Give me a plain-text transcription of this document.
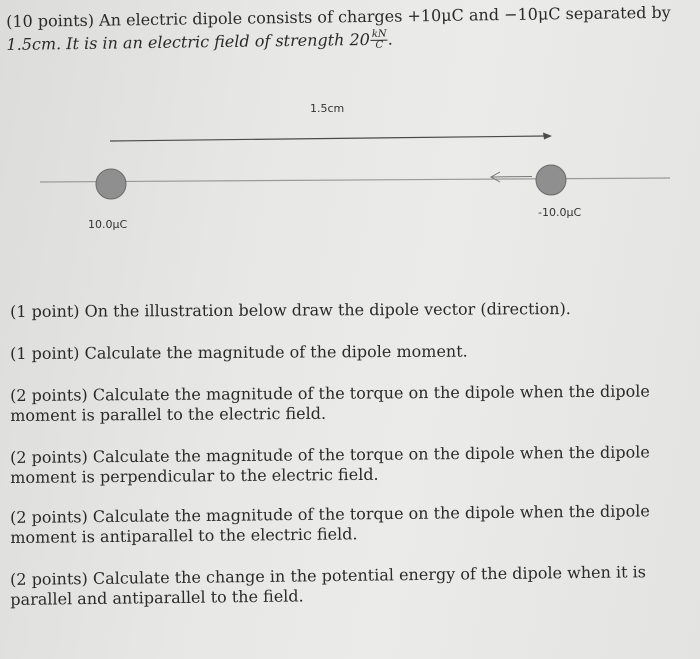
(10 points) An electric dipole consists of charges +10μC and −10μC separated by
1.5cm. It is in an electric field of strength $20 \frac{kN}{C}$ .
1.5cm
10.0μC
-10.0μC
(1 point) On the illustration below draw the dipole vector (direction).
(1 point) Calculate the magnitude of the dipole moment.
(2 points) Calculate the magnitude of the torque on the dipole when the dipole
moment is parallel to the electric field.
(2 points) Calculate the magnitude of the torque on the dipole when the dipole
moment is perpendicular to the electric field.
(2 points) Calculate the magnitude of the torque on the dipole when the dipole
moment is antiparallel to the electric field.
(2 points) Calculate the change in the potential energy of the dipole when it is
parallel and antiparallel to the field.
